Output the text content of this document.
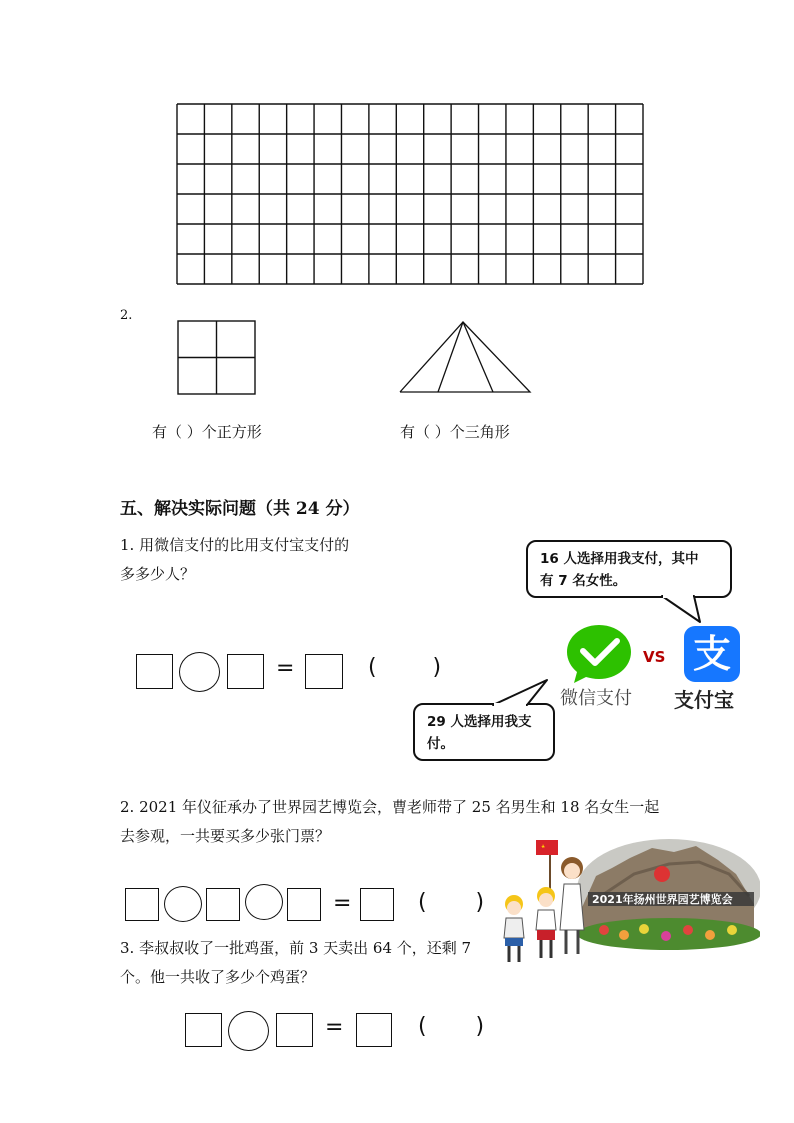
2.
有（ ）个正方形	有（ ）个三角形
五、解决实际问题（共 24 分）
1. 用微信支付的比用支付宝支付的
多多少人？
16 人选择用我支付，其中
有 7 名女性。
微信支付
VS 支
支付宝
29 人选择用我支
付。
=	(        )
2. 2021 年仪征承办了世界园艺博览会，曹老师带了 25 名男生和 18 名女生一起
去参观，一共要买多少张门票？
2021年扬州世界园艺博览会
=	(       )
3. 李叔叔收了一批鸡蛋，前 3 天卖出 64 个，还剩 7
个。他一共收了多少个鸡蛋？
=	(       )
